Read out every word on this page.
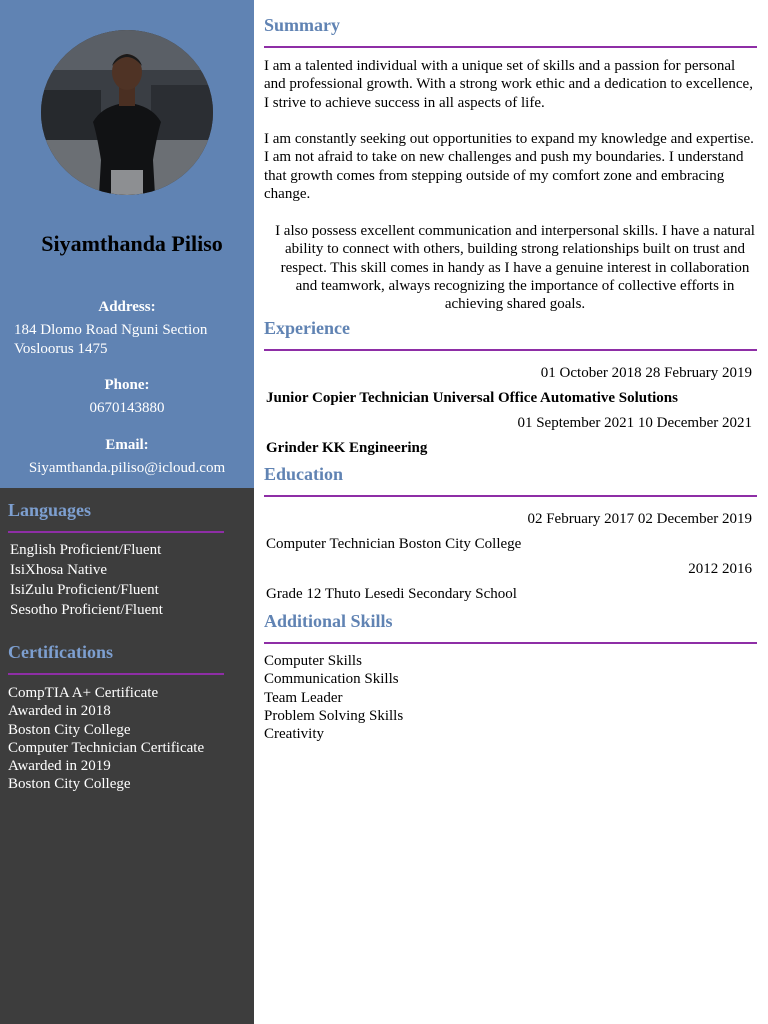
Siyamthanda Piliso
Address:
184 Dlomo Road Nguni Section
Vosloorus 1475
Phone:
0670143880
Email:
Siyamthanda.piliso@icloud.com
Languages
English Proficient/Fluent
IsiXhosa Native
IsiZulu Proficient/Fluent
Sesotho Proficient/Fluent
Certifications
CompTIA A+ Certificate
Awarded in 2018
Boston City College
Computer Technician Certificate
Awarded in 2019
Boston City College
Summary

I am a talented individual with a unique set of skills and a passion for personal and professional growth. With a strong work ethic and a dedication to excellence, I strive to achieve success in all aspects of life.

I am constantly seeking out opportunities to expand my knowledge and expertise. I am not afraid to take on new challenges and push my boundaries. I understand that growth comes from stepping outside of my comfort zone and embracing change.

I also possess excellent communication and interpersonal skills. I have a natural ability to connect with others, building strong relationships built on trust and respect. This skill comes in handy as I have a genuine interest in collaboration and teamwork, always recognizing the importance of collective efforts in achieving shared goals.

Experience
01 October 2018 28 February 2019
Junior Copier Technician Universal Office Automative Solutions
01 September 2021 10 December 2021
Grinder KK Engineering
Education
02 February 2017 02 December 2019
Computer Technician Boston City College
2012 2016
Grade 12 Thuto Lesedi Secondary School
Additional Skills
Computer Skills
Communication Skills
Team Leader
Problem Solving Skills
Creativity
